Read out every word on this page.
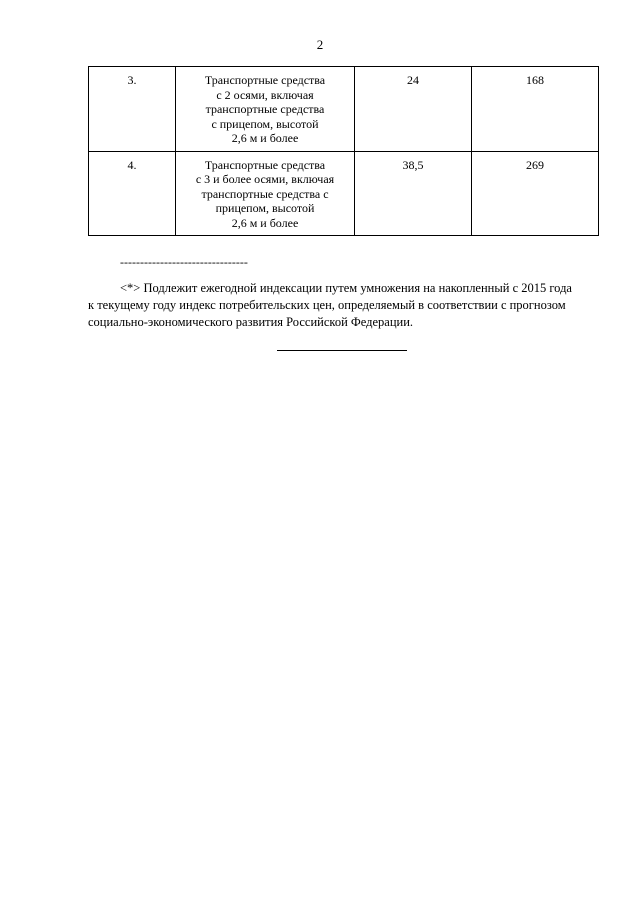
2
3.	Транспортные средства
с 2 осями, включая
транспортные средства
с прицепом, высотой
2,6 м и более	24	168
4.	Транспортные средства
с 3 и более осями, включая
транспортные средства с
прицепом, высотой
2,6 м и более	38,5	269
--------------------------------

<*> Подлежит ежегодной индексации путем умножения на накопленный с 2015 года
к текущему году индекс потребительских цен, определяемый в соответствии с прогнозом
социально-экономического развития Российской Федерации.
